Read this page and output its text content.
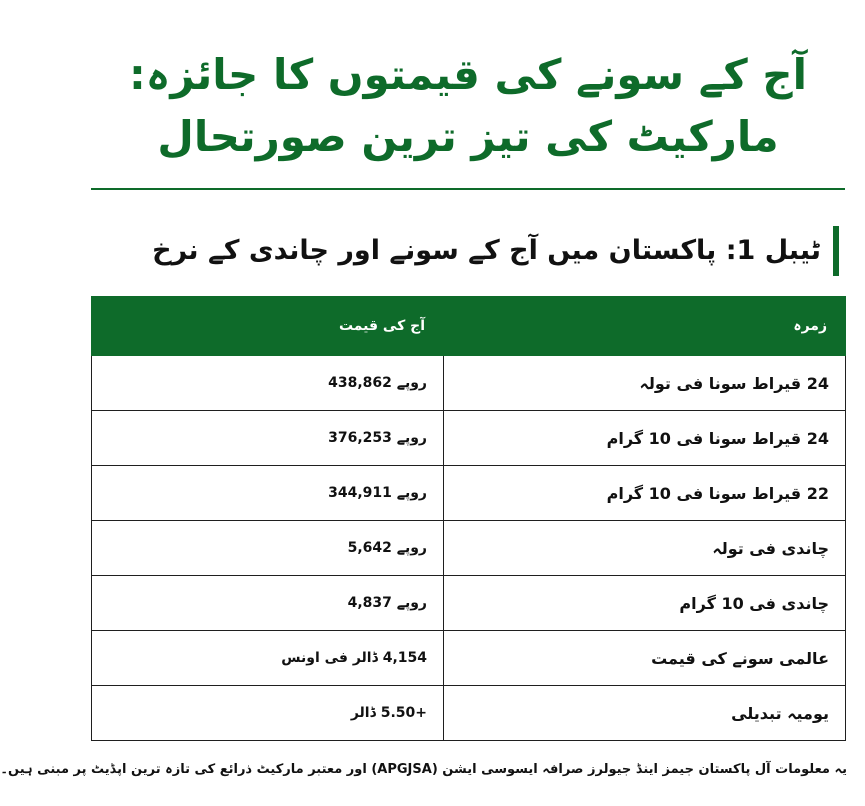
آج کے سونے کی قیمتوں کا جائزہ: مارکیٹ کی تیز ترین صورتحال
ٹیبل 1: پاکستان میں آج کے سونے اور چاندی کے نرخ
زمرہ	آج کی قیمت
24 قیراط سونا فی تولہ	روپے 438,862
24 قیراط سونا فی 10 گرام	روپے 376,253
22 قیراط سونا فی 10 گرام	روپے 344,911
چاندی فی تولہ	روپے 5,642
چاندی فی 10 گرام	روپے 4,837
عالمی سونے کی قیمت	4,154 ڈالر فی اونس
یومیہ تبدیلی	+5.50 ڈالر
یہ معلومات آل پاکستان جیمز اینڈ جیولرز صرافہ ایسوسی ایشن (APGJSA) اور معتبر مارکیٹ ذرائع کی تازہ ترین اپڈیٹ پر مبنی ہیں۔
